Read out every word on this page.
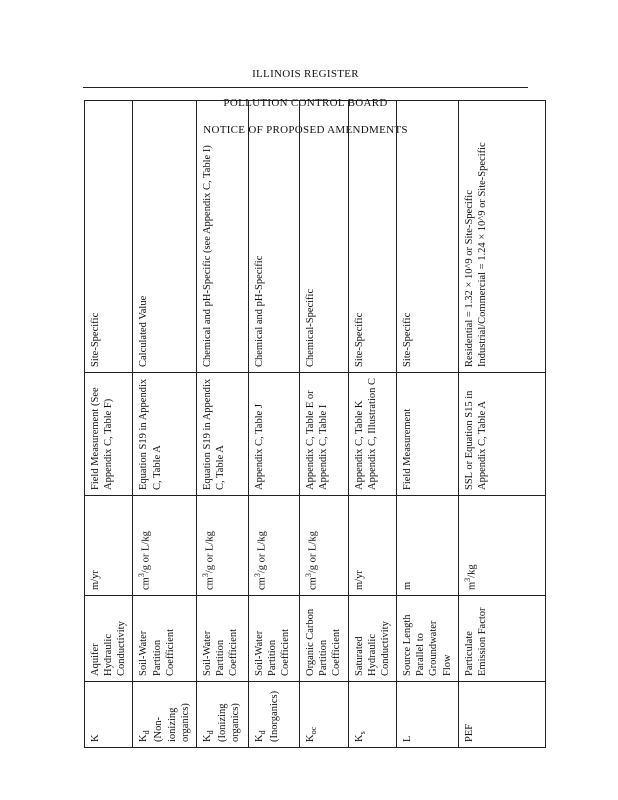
ILLINOIS REGISTER
POLLUTION CONTROL BOARD
NOTICE OF PROPOSED AMENDMENTS
K	Aquifer Hydraulic Conductivity	m/yr	Field Measurement (See Appendix C, Table F)	Site-Specific
$K_d$ (Non-ionizing organics)	Soil-Water Partition Coefficient	$cm^3/g$ or L/kg	Equation S19 in Appendix C, Table A	Calculated Value
$K_d$ (Ionizing organics)	Soil-Water Partition Coefficient	$cm^3/g$ or L/kg	Equation S19 in Appendix C, Table A	Chemical and pH-Specific (see Appendix C, Table I)
$K_d$ (Inorganics)	Soil-Water Partition Coefficient	$cm^3/g$ or L/kg	Appendix C, Table J	Chemical and pH-Specific
$K_{oc}$	Organic Carbon Partition Coefficient	$cm^3/g$ or L/kg	Appendix C, Table E or Appendix C, Table I	Chemical-Specific
$K_s$	Saturated Hydraulic Conductivity	m/yr	Appendix C, Table K Appendix C, Illustration C	Site-Specific
L	Source Length Parallel to Groundwater Flow	m	Field Measurement	Site-Specific
PEF	Particulate Emission Factor	$m^3/kg$	SSL or Equation S15 in Appendix C, Table A	Residential = 1.32 × 10^9 or Site-Specific Industrial/Commercial = 1.24 × 10^9 or Site-Specific
